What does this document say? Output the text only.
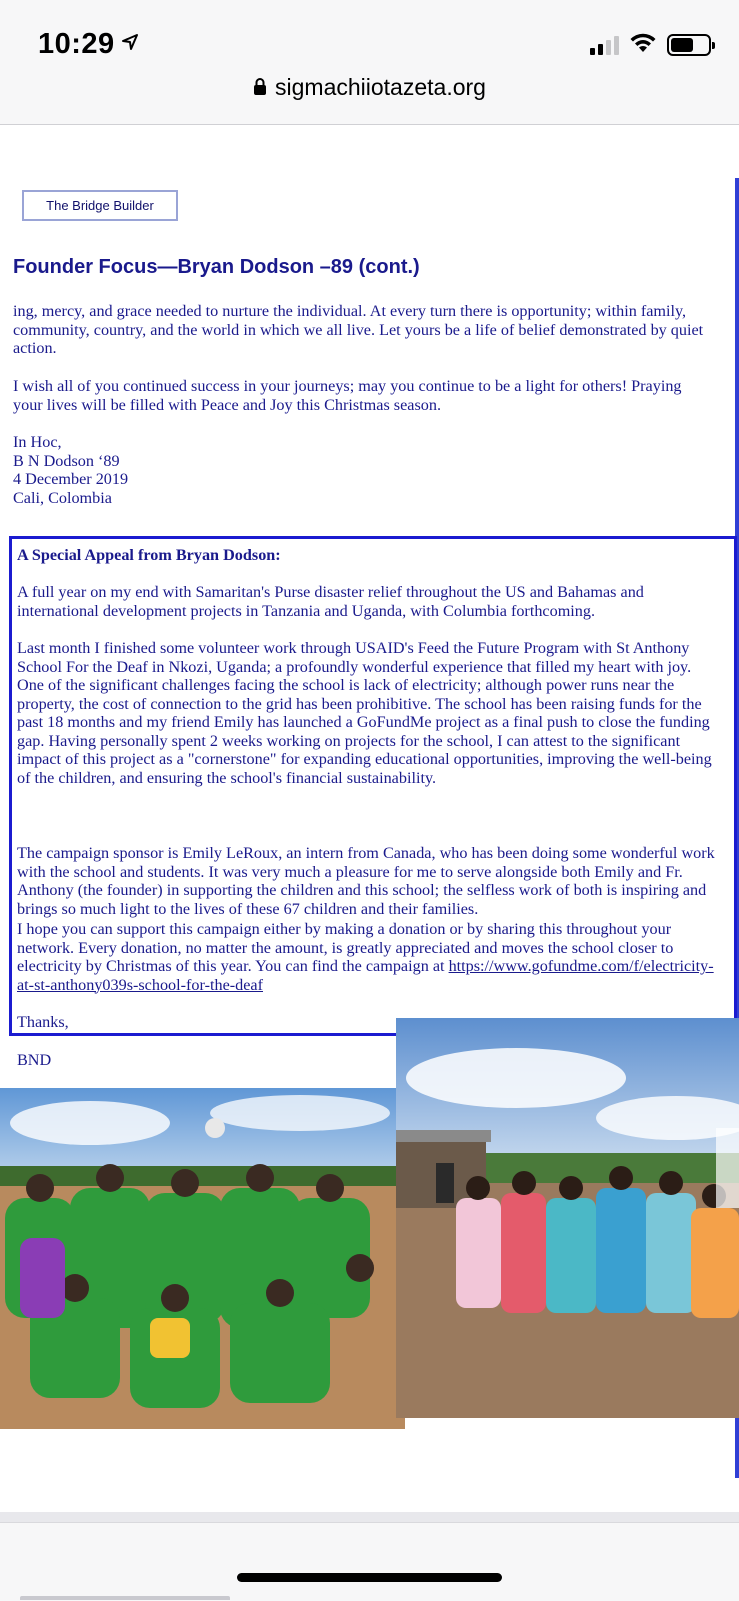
10:29
sigmachiiotazeta.org
The Bridge Builder
Founder Focus—Bryan Dodson –89 (cont.)

ing, mercy, and grace needed to nurture the individual. At every turn there is opportunity; within family, community, country, and the world in which we all live. Let yours be a life of belief demonstrated by quiet action.

I wish all of you continued success in your journeys; may you continue to be a light for others! Praying your lives will be filled with Peace and Joy this Christmas season.

In Hoc,
B N Dodson ‘89
4 December 2019
Cali, Colombia
A Special Appeal from Bryan Dodson:

A full year on my end with Samaritan's Purse disaster relief throughout the US and Bahamas and international development projects in Tanzania and Uganda, with Columbia forthcoming.

Last month I finished some volunteer work through USAID's Feed the Future Program with St Anthony School For the Deaf in Nkozi, Uganda; a profoundly wonderful experience that filled my heart with joy. One of the significant challenges facing the school is lack of electricity; although power runs near the property, the cost of connection to the grid has been prohibitive. The school has been raising funds for the past 18 months and my friend Emily has launched a GoFundMe project as a final push to close the funding gap. Having personally spent 2 weeks working on projects for the school, I can attest to the significant impact of this project as a "cornerstone" for expanding educational opportunities, improving the well-being of the children, and ensuring the school's financial sustainability.

The campaign sponsor is Emily LeRoux, an intern from Canada, who has been doing some wonderful work with the school and students. It was very much a pleasure for me to serve alongside both Emily and Fr. Anthony (the founder) in supporting the children and this school; the selfless work of both is inspiring and brings so much light to the lives of these 67 children and their families.

I hope you can support this campaign either by making a donation or by sharing this throughout your network. Every donation, no matter the amount, is greatly appreciated and moves the school closer to electricity by Christmas of this year. You can find the campaign at https://www.gofundme.com/f/electricity-at-st-anthony039s-school-for-the-deaf

Thanks,

BND
